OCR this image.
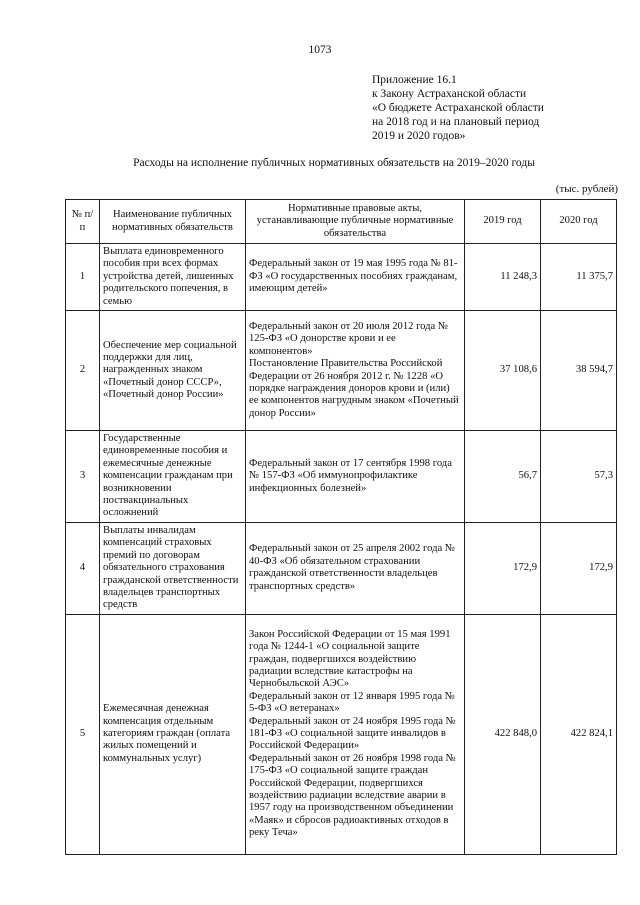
1073
Приложение 16.1
к Закону Астраханской области
«О бюджете Астраханской области
на 2018 год и на плановый период
2019 и 2020 годов»
Расходы на исполнение публичных нормативных обязательств на 2019–2020 годы
(тыс. рублей)
№ п/п	Наименование публичных нормативных обязательств	Нормативные правовые акты, устанавливающие публичные нормативные обязательства	2019 год	2020 год
1	Выплата единовременного пособия при всех формах устройства детей, лишенных родительского попечения, в семью	Федеральный закон от 19 мая 1995 года № 81-ФЗ «О государственных пособиях гражданам, имеющим детей»	11 248,3	11 375,7
2	Обеспечение мер социальной поддержки для лиц, награжденных знаком «Почетный донор СССР», «Почетный донор России»	Федеральный закон от 20 июля 2012 года № 125-ФЗ «О донорстве крови и ее компонентов»
Постановление Правительства Российской Федерации от 26 ноября 2012 г. № 1228 «О порядке награждения доноров крови и (или) ее компонентов нагрудным знаком «Почетный донор России»	37 108,6	38 594,7
3	Государственные единовременные пособия и ежемесячные денежные компенсации гражданам при возникновении поствакцинальных осложнений	Федеральный закон от 17 сентября 1998 года № 157-ФЗ «Об иммунопрофилактике инфекционных болезней»	56,7	57,3
4	Выплаты инвалидам компенсаций страховых премий по договорам обязательного страхования гражданской ответственности владельцев транспортных средств	Федеральный закон от 25 апреля 2002 года № 40-ФЗ «Об обязательном страховании гражданской ответственности владельцев транспортных средств»	172,9	172,9
5	Ежемесячная денежная компенсация отдельным категориям граждан (оплата жилых помещений и коммунальных услуг)	Закон Российской Федерации от 15 мая 1991 года № 1244-1 «О социальной защите граждан, подвергшихся воздействию радиации вследствие катастрофы на Чернобыльской АЭС»
Федеральный закон от 12 января 1995 года № 5-ФЗ «О ветеранах»
Федеральный закон от 24 ноября 1995 года № 181-ФЗ «О социальной защите инвалидов в Российской Федерации»
Федеральный закон от 26 ноября 1998 года № 175-ФЗ «О социальной защите граждан Российской Федерации, подвергшихся воздействию радиации вследствие аварии в 1957 году на производственном объединении «Маяк» и сбросов радиоактивных отходов в реку Теча»	422 848,0	422 824,1
